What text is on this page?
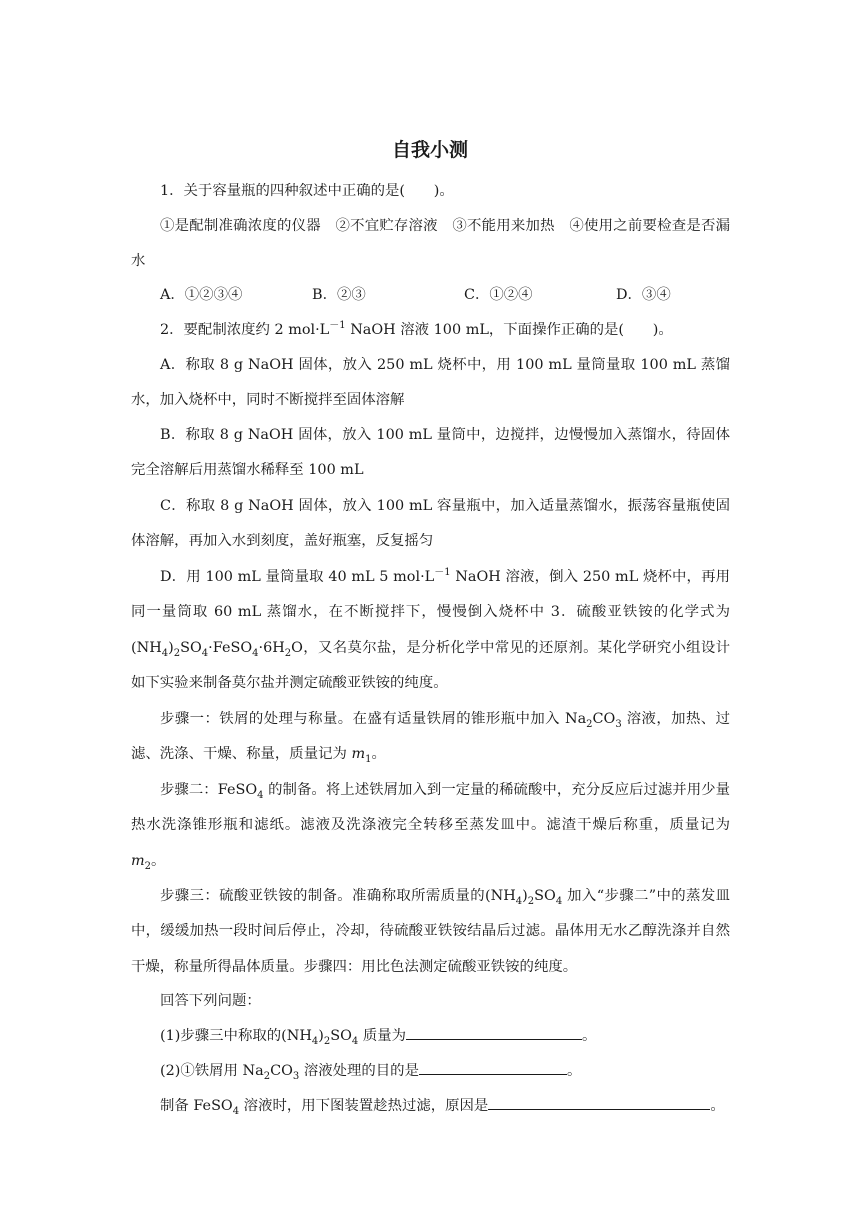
自我小测
1．关于容量瓶的四种叙述中正确的是(　　)。
①是配制准确浓度的仪器　②不宜贮存溶液　③不能用来加热　④使用之前要检查是否漏水
A．①②③④	B．②③	C．①②④	D．③④
2．要配制浓度约 2 $mol\cdot L^{-1}$ NaOH 溶液 100 mL，下面操作正确的是(　　)。
A．称取 8 g NaOH 固体，放入 250 mL 烧杯中，用 100 mL 量筒量取 100 mL 蒸馏水，加入烧杯中，同时不断搅拌至固体溶解
B．称取 8 g NaOH 固体，放入 100 mL 量筒中，边搅拌，边慢慢加入蒸馏水，待固体完全溶解后用蒸馏水稀释至 100 mL
C．称取 8 g NaOH 固体，放入 100 mL 容量瓶中，加入适量蒸馏水，振荡容量瓶使固体溶解，再加入水到刻度，盖好瓶塞，反复摇匀
D．用 100 mL 量筒量取 40 mL 5 $mol\cdot L^{-1}$ NaOH 溶液，倒入 250 mL 烧杯中，再用同一量筒取 60 mL 蒸馏水，在不断搅拌下，慢慢倒入烧杯中 3．硫酸亚铁铵的化学式为$(NH_4)_2SO_4\cdot FeSO_4\cdot 6H_2O$，又名莫尔盐，是分析化学中常见的还原剂。某化学研究小组设计如下实验来制备莫尔盐并测定硫酸亚铁铵的纯度。
步骤一：铁屑的处理与称量。在盛有适量铁屑的锥形瓶中加入 $Na_2CO_3$ 溶液，加热、过滤、洗涤、干燥、称量，质量记为 $m_1$。
步骤二：FeSO$_4$ 的制备。将上述铁屑加入到一定量的稀硫酸中，充分反应后过滤并用少量热水洗涤锥形瓶和滤纸。滤液及洗涤液完全转移至蒸发皿中。滤渣干燥后称重，质量记为 $m_2$。
步骤三：硫酸亚铁铵的制备。准确称取所需质量的$(NH_4)_2SO_4$ 加入“步骤二”中的蒸发皿中，缓缓加热一段时间后停止，冷却，待硫酸亚铁铵结晶后过滤。晶体用无水乙醇洗涤并自然干燥，称量所得晶体质量。步骤四：用比色法测定硫酸亚铁铵的纯度。
回答下列问题：
(1)步骤三中称取的$(NH_4)_2SO_4$ 质量为	。
(2)①铁屑用 $Na_2CO_3$ 溶液处理的目的是	。
制备 FeSO$_4$ 溶液时，用下图装置趁热过滤，原因是	。
